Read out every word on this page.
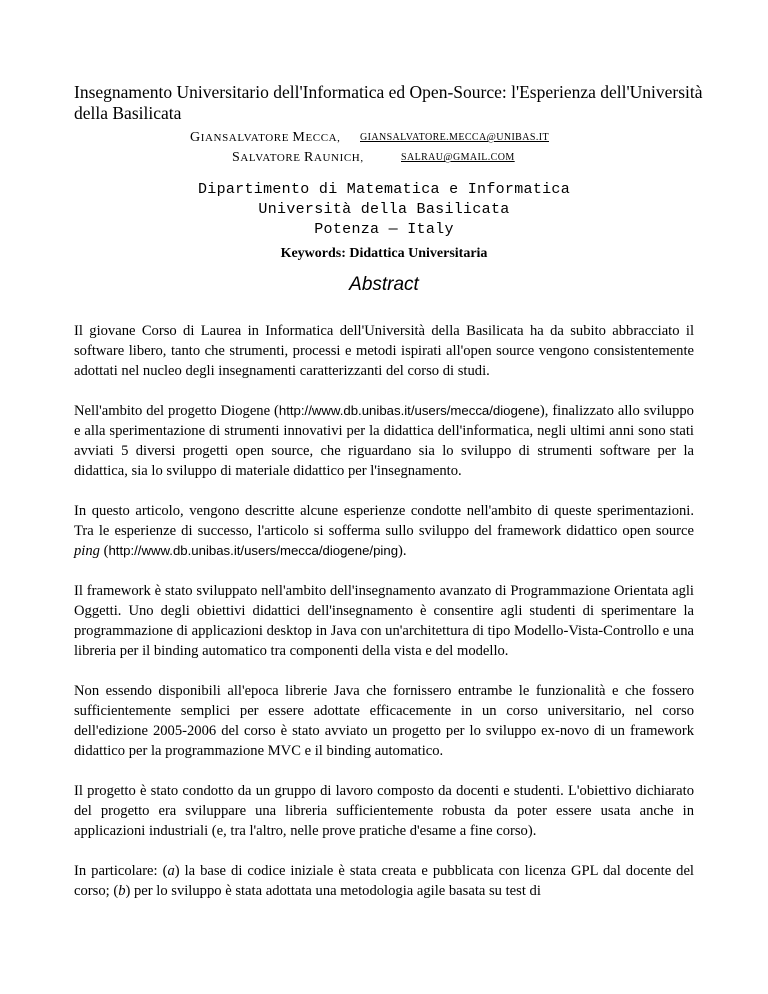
Insegnamento Universitario dell'Informatica ed Open-Source: l'Esperienza dell'Università della Basilicata
GIANSALVATORE MECCA, GIANSALVATORE.MECCA@UNIBAS.IT
SALVATORE RAUNICH,	SALRAU@GMAIL.COM
Dipartimento di Matematica e Informatica
Università della Basilicata
Potenza — Italy
Keywords: Didattica Universitaria
Abstract

Il giovane Corso di Laurea in Informatica dell'Università della Basilicata ha da subito abbracciato il software libero, tanto che strumenti, processi e metodi ispirati all'open source vengono consistentemente adottati nel nucleo degli insegnamenti caratterizzanti del corso di studi.

Nell'ambito del progetto Diogene (http://www.db.unibas.it/users/mecca/diogene), finalizzato allo sviluppo e alla sperimentazione di strumenti innovativi per la didattica dell'informatica, negli ultimi anni sono stati avviati 5 diversi progetti open source, che riguardano sia lo sviluppo di strumenti software per la didattica, sia lo sviluppo di materiale didattico per l'insegnamento.

In questo articolo, vengono descritte alcune esperienze condotte nell'ambito di queste sperimentazioni. Tra le esperienze di successo, l'articolo si sofferma sullo sviluppo del framework didattico open source ping (http://www.db.unibas.it/users/mecca/diogene/ping).

Il framework è stato sviluppato nell'ambito dell'insegnamento avanzato di Programmazione Orientata agli Oggetti. Uno degli obiettivi didattici dell'insegnamento è consentire agli studenti di sperimentare la programmazione di applicazioni desktop in Java con un'architettura di tipo Modello-Vista-Controllo e una libreria per il binding automatico tra componenti della vista e del modello.

Non essendo disponibili all'epoca librerie Java che fornissero entrambe le funzionalità e che fossero sufficientemente semplici per essere adottate efficacemente in un corso universitario, nel corso dell'edizione 2005-2006 del corso è stato avviato un progetto per lo sviluppo ex-novo di un framework didattico per la programmazione MVC e il binding automatico.

Il progetto è stato condotto da un gruppo di lavoro composto da docenti e studenti. L'obiettivo dichiarato del progetto era sviluppare una libreria sufficientemente robusta da poter essere usata anche in applicazioni industriali (e, tra l'altro, nelle prove pratiche d'esame a fine corso).

In particolare: (a) la base di codice iniziale è stata creata e pubblicata con licenza GPL dal docente del corso; (b) per lo sviluppo è stata adottata una metodologia agile basata su test di
